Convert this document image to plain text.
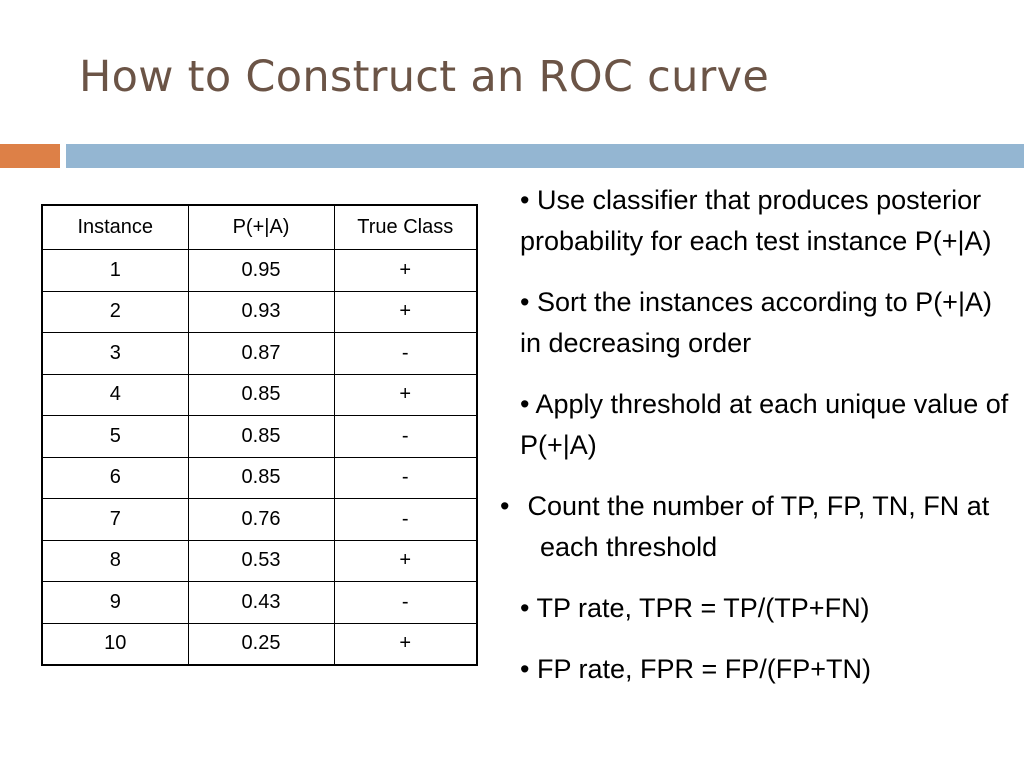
How to Construct an ROC curve
Instance	P(+|A)	True Class
1	0.95	+
2	0.93	+
3	0.87	-
4	0.85	+
5	0.85	-
6	0.85	-
7	0.76	-
8	0.53	+
9	0.43	-
10	0.25	+
• Use classifier that produces posterior probability for each test instance P(+|A)
• Sort the instances according to P(+|A) in decreasing order
• Apply threshold at each unique value of P(+|A)
• Count the number of TP, FP, TN, FN at each threshold
• TP rate, TPR = TP/(TP+FN)
• FP rate, FPR = FP/(FP+TN)
